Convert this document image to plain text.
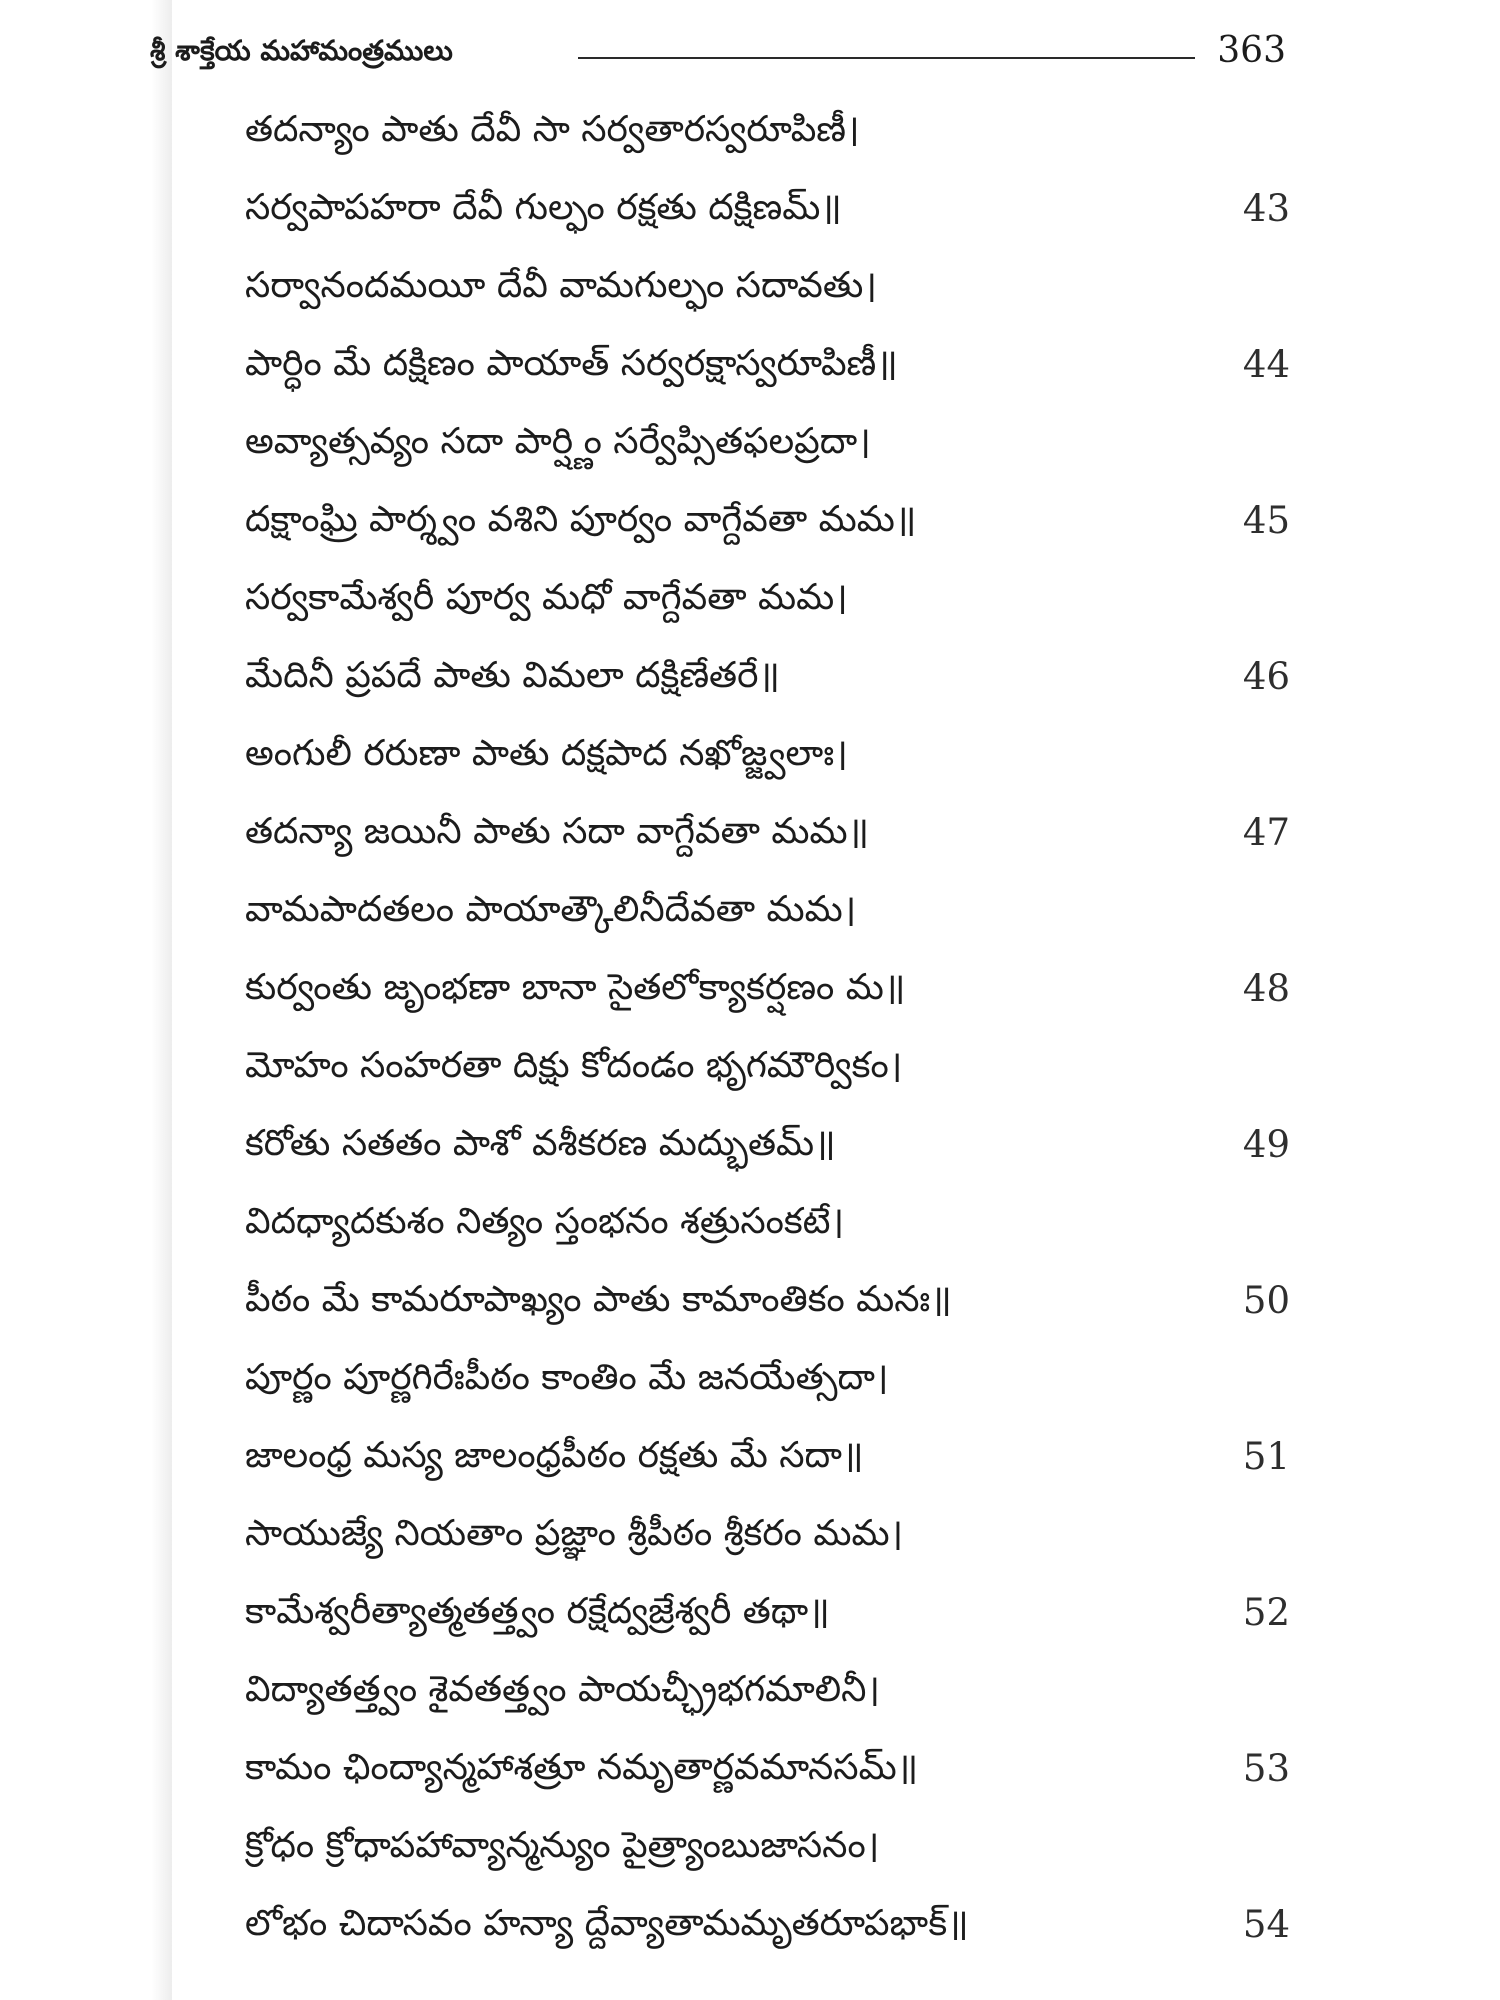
శ్రీ శాక్తేయ మహామంత్రములు	363
తదన్యాం పాతు దేవీ సా సర్వతారస్వరూపిణీ।
సర్వపాపహరా దేవీ గుల్ఫం రక్షతు దక్షిణమ్॥	43
సర్వానందమయీ దేవీ వామగుల్ఫం సదావతు।
పార్ధిం మే దక్షిణం పాయాత్ సర్వరక్షాస్వరూపిణీ॥	44
అవ్యాత్సవ్యం సదా పార్ష్ణిం సర్వేప్సితఫలప్రదా।
దక్షాంఘ్రి పార్శ్వం వశిని పూర్వం వాగ్దేవతా మమ॥	45
సర్వకామేశ్వరీ పూర్వ మధో వాగ్దేవతా మమ।
మేదినీ ప్రపదే పాతు విమలా దక్షిణేతరే॥	46
అంగులీ రరుణా పాతు దక్షపాద నఖోజ్జ్వలాః।
తదన్యా జయినీ పాతు సదా వాగ్దేవతా మమ॥	47
వామపాదతలం పాయాత్కౌలినీదేవతా మమ।
కుర్వంతు జృంభణా బానా సైతలోక్యాకర్షణం మ॥	48
మోహం సంహరతా దిక్షు కోదండం భృగమౌర్వికం।
కరోతు సతతం పాశో వశీకరణ మద్భుతమ్॥	49
విదధ్యాదకుశం నిత్యం స్తంభనం శత్రుసంకటే।
పీఠం మే కామరూపాఖ్యం పాతు కామాంతికం మనః॥	50
పూర్ణం పూర్ణగిరేఃపీఠం కాంతిం మే జనయేత్సదా।
జాలంధ్ర మస్య జాలంధ్రపీఠం రక్షతు మే సదా॥	51
సాయుజ్యే నియతాం ప్రజ్ఞాం శ్రీపీఠం శ్రీకరం మమ।
కామేశ్వరీత్యాత్మతత్త్వం రక్షేద్వజ్రేశ్వరీ తథా॥	52
విద్యాతత్త్వం శైవతత్త్వం పాయచ్ఛ్రీభగమాలినీ।
కామం ఛింద్యాన్మహాశత్రూ నమృతార్ణవమానసమ్॥	53
క్రోధం క్రోధాపహావ్యాన్మన్యుం పైత్ర్యాంబుజాసనం।
లోభం చిదాసవం హన్యా ద్దేవ్యాతామమృతరూపభాక్॥	54
